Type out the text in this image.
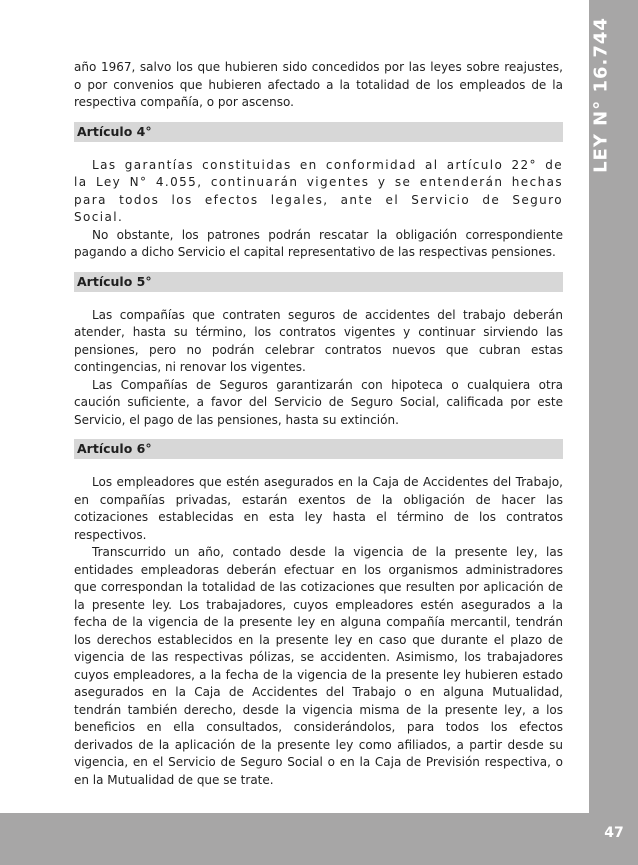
LEY N° 16.744

año 1967, salvo los que hubieren sido concedidos por las leyes sobre reajustes, o por convenios que hubieren afectado a la totalidad de los empleados de la respectiva compañía, o por ascenso.

Artículo 4°

Las garantías constituidas en conformidad al artículo 22° de la Ley N° 4.055, continuarán vigentes y se entenderán hechas para todos los efectos legales, ante el Servicio de Seguro Social.

No obstante, los patrones podrán rescatar la obligación correspondiente pagando a dicho Servicio el capital representativo de las respectivas pensiones.

Artículo 5°

Las compañías que contraten seguros de accidentes del trabajo deberán atender, hasta su término, los contratos vigentes y continuar sirviendo las pensiones, pero no podrán celebrar contratos nuevos que cubran estas contingencias, ni renovar los vigentes.

Las Compañías de Seguros garantizarán con hipoteca o cualquiera otra caución suficiente, a favor del Servicio de Seguro Social, calificada por este Servicio, el pago de las pensiones, hasta su extinción.

Artículo 6°

Los empleadores que estén asegurados en la Caja de Accidentes del Trabajo, en compañías privadas, estarán exentos de la obligación de hacer las cotizaciones establecidas en esta ley hasta el término de los contratos respectivos.

Transcurrido un año, contado desde la vigencia de la presente ley, las entidades empleadoras deberán efectuar en los organismos administradores que correspondan la totalidad de las cotizaciones que resulten por aplicación de la presente ley. Los trabajadores, cuyos empleadores estén asegurados a la fecha de la vigencia de la presente ley en alguna compañía mercantil, tendrán los derechos establecidos en la presente ley en caso que durante el plazo de vigencia de las respectivas pólizas, se accidenten. Asimismo, los trabajadores cuyos empleadores, a la fecha de la vigencia de la presente ley hubieren estado asegurados en la Caja de Accidentes del Trabajo o en alguna Mutualidad, tendrán también derecho, desde la vigencia misma de la presente ley, a los beneficios en ella consultados, considerándolos, para todos los efectos derivados de la aplicación de la presente ley como afiliados, a partir desde su vigencia, en el Servicio de Seguro Social o en la Caja de Previsión respectiva, o en la Mutualidad de que se trate.

47
